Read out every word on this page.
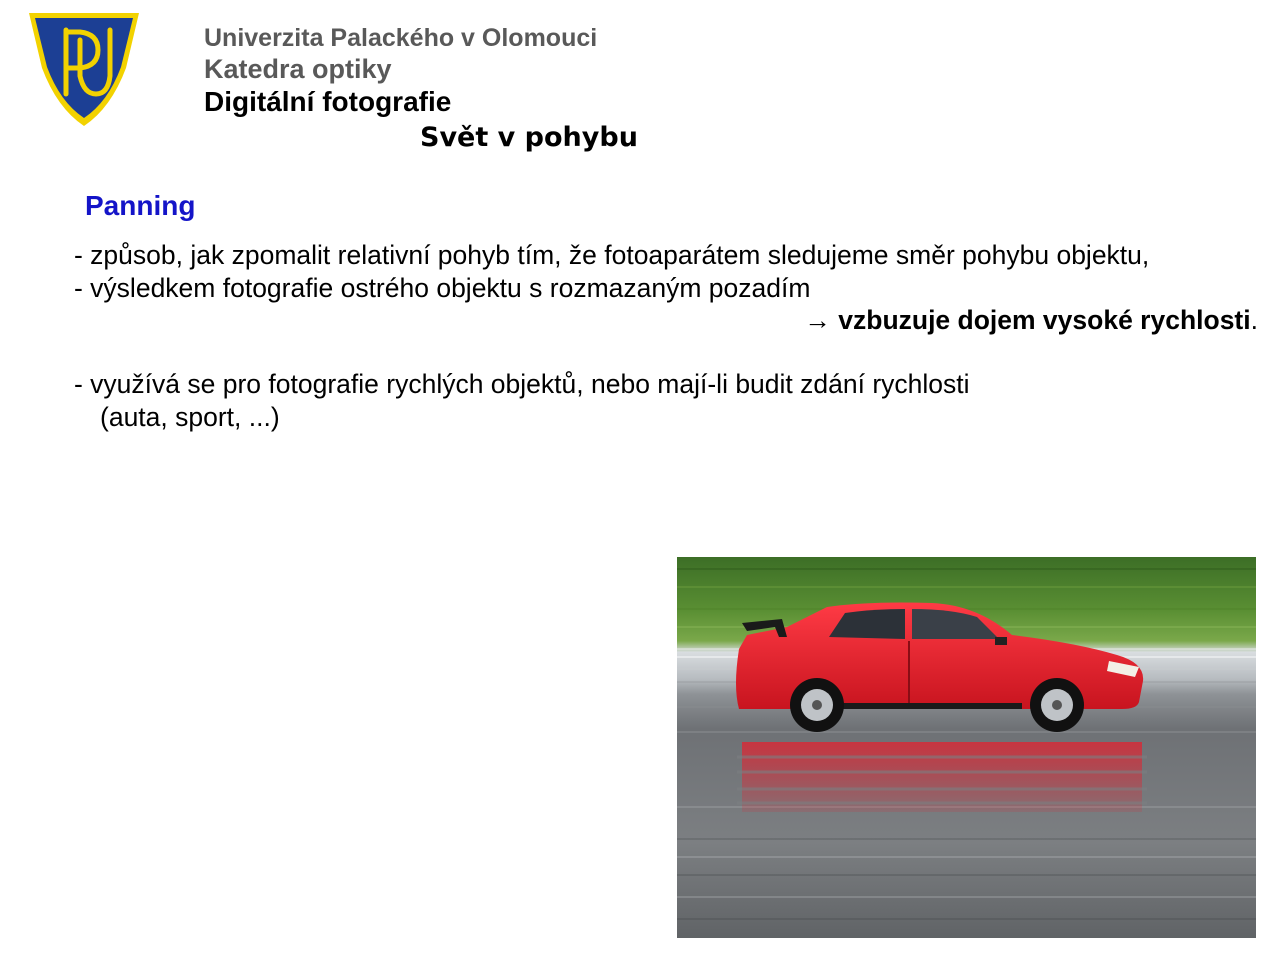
Univerzita Palackého v Olomouci
Katedra optiky
Digitální fotografie
Svět v pohybu
Panning
- způsob, jak zpomalit relativní pohyb tím, že fotoaparátem sledujeme směr pohybu objektu,
- výsledkem fotografie ostrého objektu s rozmazaným pozadím
→ vzbuzuje dojem vysoké rychlosti.
- využívá se pro fotografie rychlých objektů, nebo mají-li budit zdání rychlosti
(auta, sport, ...)
